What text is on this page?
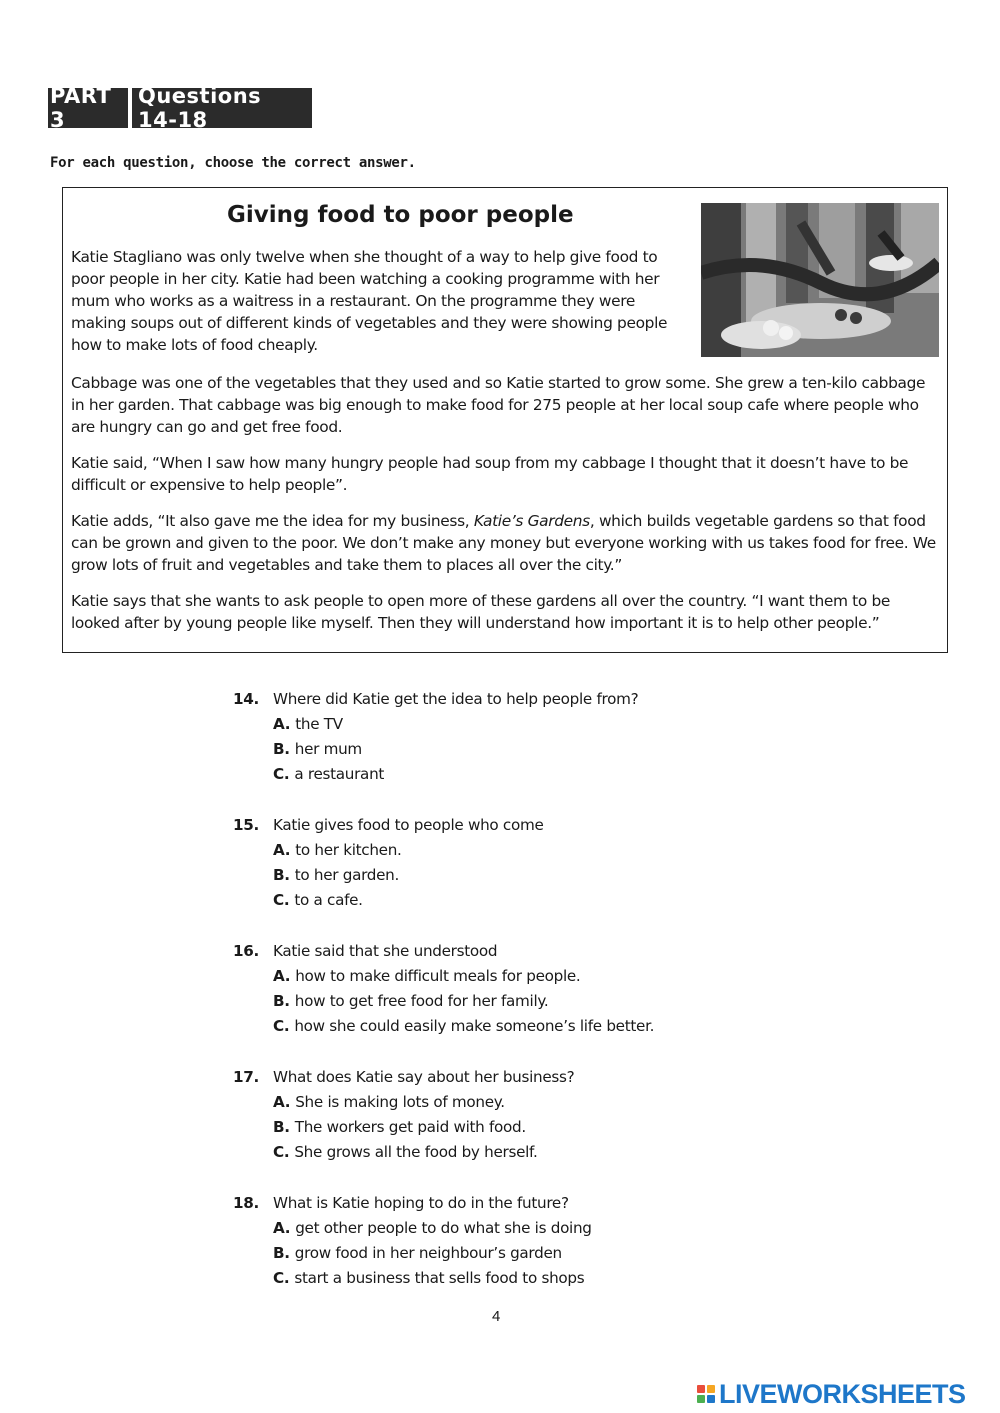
PART 3
Questions 14-18
For each question, choose the correct answer.
Giving food to poor people

Katie Stagliano was only twelve when she thought of a way to help give food to poor people in her city. Katie had been watching a cooking programme with her mum who works as a waitress in a restaurant. On the programme they were making soups out of different kinds of vegetables and they were showing people how to make lots of food cheaply.

Cabbage was one of the vegetables that they used and so Katie started to grow some. She grew a ten-kilo cabbage in her garden. That cabbage was big enough to make food for 275 people at her local soup cafe where people who are hungry can go and get free food.

Katie said, “When I saw how many hungry people had soup from my cabbage I thought that it doesn’t have to be difficult or expensive to help people”.

Katie adds, “It also gave me the idea for my business, Katie’s Gardens, which builds vegetable gardens so that food can be grown and given to the poor. We don’t make any money but everyone working with us takes food for free. We grow lots of fruit and vegetables and take them to places all over the city.”

Katie says that she wants to ask people to open more of these gardens all over the country. “I want them to be looked after by young people like myself. Then they will understand how important it is to help other people.”

14. Where did Katie get the idea to help people from?
A. the TV
B. her mum
C. a restaurant
15. Katie gives food to people who come
A. to her kitchen.
B. to her garden.
C. to a cafe.
16. Katie said that she understood
A. how to make difficult meals for people.
B. how to get free food for her family.
C. how she could easily make someone’s life better.
17. What does Katie say about her business?
A. She is making lots of money.
B. The workers get paid with food.
C. She grows all the food by herself.
18. What is Katie hoping to do in the future?
A. get other people to do what she is doing
B. grow food in her neighbour’s garden
C. start a business that sells food to shops
4
LIVEWORKSHEETS
